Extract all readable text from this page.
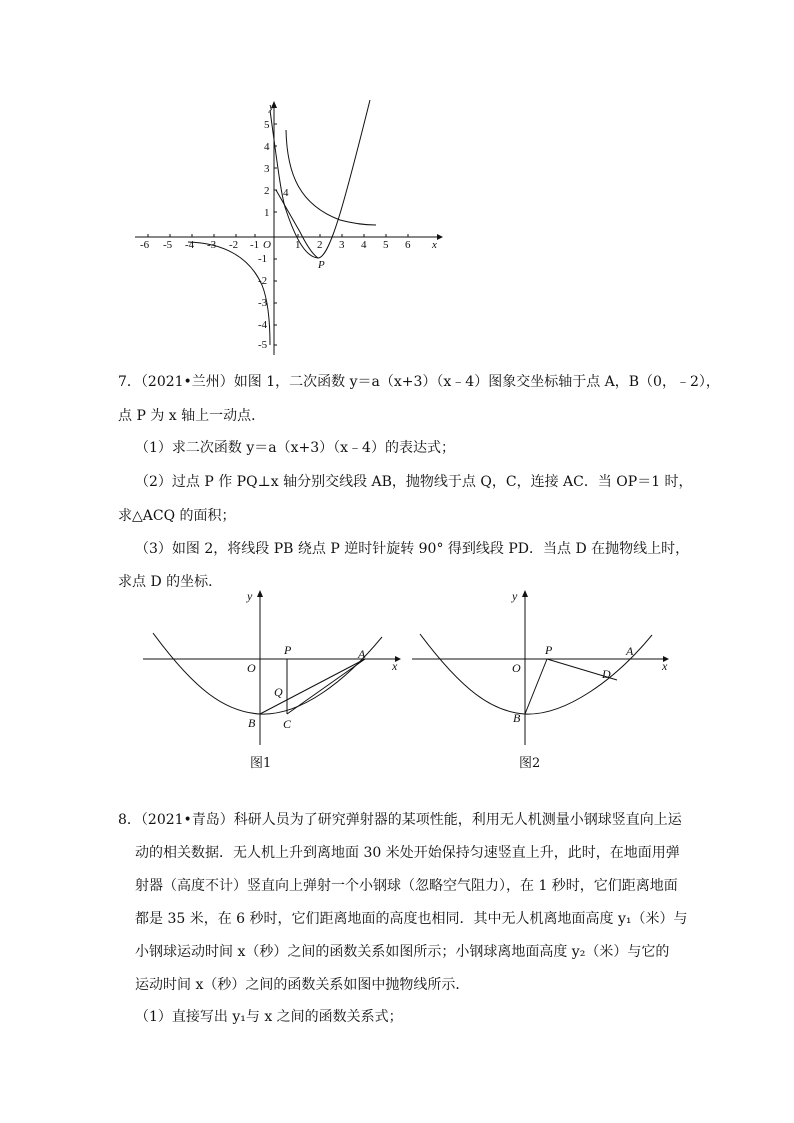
-6 -5 -4 -3 -2 -1 O 1 2 3 4 5 6 x
y
5
4
3
2
1
-1
-2
-3
-4
-5
4
P
7．（2021•兰州）如图 1，二次函数 y＝a（x+3）（x﹣4）图象交坐标轴于点 A，B（0，﹣2），
点 P 为 x 轴上一动点．
（1）求二次函数 y＝a（x+3）（x﹣4）的表达式；
（2）过点 P 作 PQ⊥x 轴分别交线段 AB，抛物线于点 Q，C，连接 AC．当 OP＝1 时，
求△ACQ 的面积；
（3）如图 2，将线段 PB 绕点 P 逆时针旋转 90° 得到线段 PD．当点 D 在抛物线上时，
求点 D 的坐标．
y
x
O
P	A
Q
B C
图1
y
x
O
P	A
D
B
图2
8．（2021•青岛）科研人员为了研究弹射器的某项性能，利用无人机测量小钢球竖直向上运
动的相关数据．无人机上升到离地面 30 米处开始保持匀速竖直上升，此时，在地面用弹
射器（高度不计）竖直向上弹射一个小钢球（忽略空气阻力），在 1 秒时，它们距离地面
都是 35 米，在 6 秒时，它们距离地面的高度也相同．其中无人机离地面高度 y₁（米）与
小钢球运动时间 x（秒）之间的函数关系如图所示；小钢球离地面高度 y₂（米）与它的
运动时间 x（秒）之间的函数关系如图中抛物线所示．
（1）直接写出 y₁与 x 之间的函数关系式；
